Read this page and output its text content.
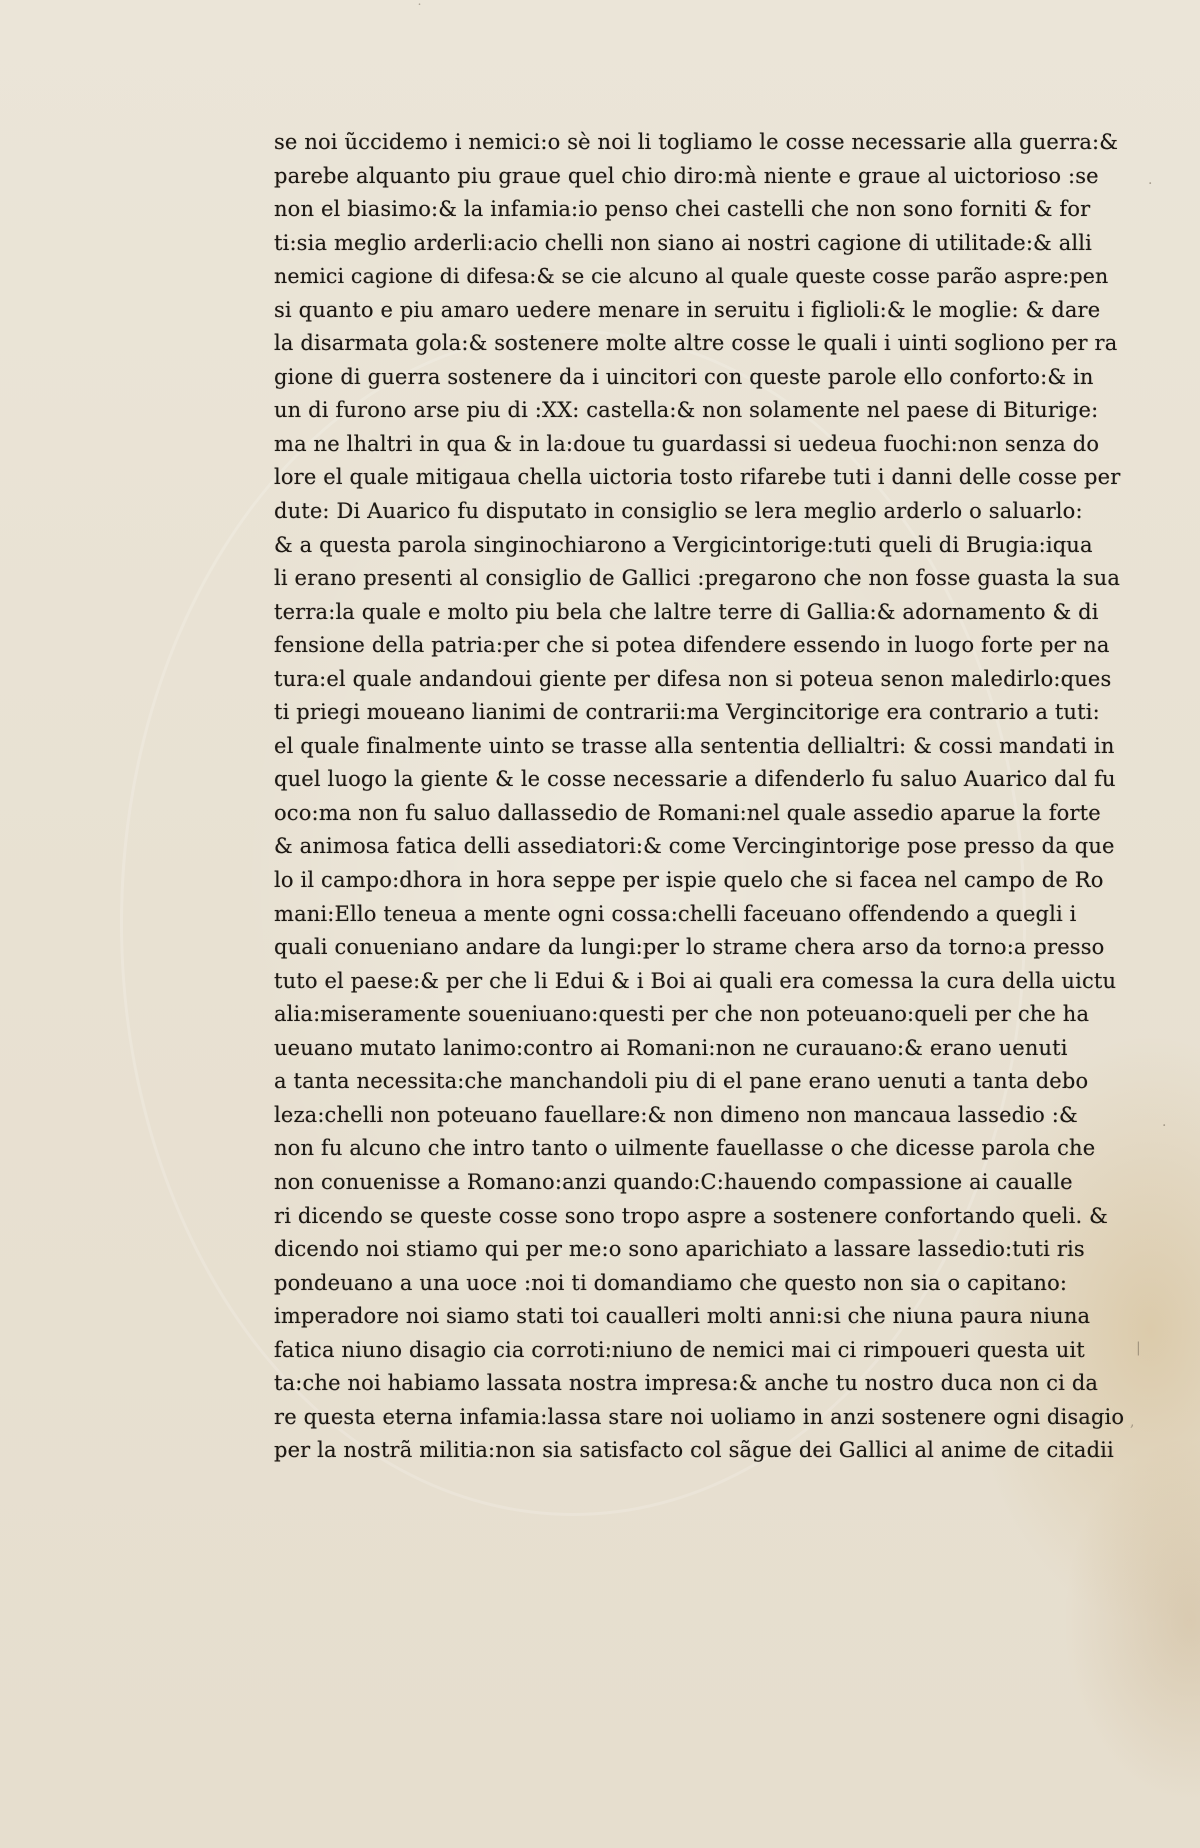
˙
·
·
|
,
se noi ũccidemo i nemici:o sè noi li togliamo le cosse necessarie alla guerra:&
parebe alquanto piu graue quel chio diro:mà niente e graue al uictorioso :se
non el biasimo:& la infamia:io penso chei castelli che non sono forniti & for
ti:sia meglio arderli:acio chelli non siano ai nostri cagione di utilitade:& alli
nemici cagione di difesa:& se cie alcuno al quale queste cosse parão aspre:pen
si quanto e piu amaro uedere menare in seruitu i figlioli:& le moglie: & dare
la disarmata gola:& sostenere molte altre cosse le quali i uinti sogliono per ra
gione di guerra sostenere da i uincitori con queste parole ello conforto:& in
un di furono arse piu di :XX: castella:& non solamente nel paese di Biturige:
ma ne lhaltri in qua & in la:doue tu guardassi si uedeua fuochi:non senza do
lore el quale mitigaua chella uictoria tosto rifarebe tuti i danni delle cosse per
dute: Di Auarico fu disputato in consiglio se lera meglio arderlo o saluarlo:
& a questa parola singinochiarono a Vergicintorige:tuti queli di Brugia:iqua
li erano presenti al consiglio de Gallici :pregarono che non fosse guasta la sua
terra:la quale e molto piu bela che laltre terre di Gallia:& adornamento & di
fensione della patria:per che si potea difendere essendo in luogo forte per na
tura:el quale andandoui giente per difesa non si poteua senon maledirlo:ques
ti priegi moueano lianimi de contrarii:ma Vergincitorige era contrario a tuti:
el quale finalmente uinto se trasse alla sententia dellialtri: & cossi mandati in
quel luogo la giente & le cosse necessarie a difenderlo fu saluo Auarico dal fu
oco:ma non fu saluo dallassedio de Romani:nel quale assedio aparue la forte
& animosa fatica delli assediatori:& come Vercingintorige pose presso da que
lo il campo:dhora in hora seppe per ispie quelo che si facea nel campo de Ro
mani:Ello teneua a mente ogni cossa:chelli faceuano offendendo a quegli i
quali conueniano andare da lungi:per lo strame chera arso da torno:a presso
tuto el paese:& per che li Edui & i Boi ai quali era comessa la cura della uictu
alia:miseramente soueniuano:questi per che non poteuano:queli per che ha
ueuano mutato lanimo:contro ai Romani:non ne curauano:& erano uenuti
a tanta necessita:che manchandoli piu di el pane erano uenuti a tanta debo
leza:chelli non poteuano fauellare:& non dimeno non mancaua lassedio :&
non fu alcuno che intro tanto o uilmente fauellasse o che dicesse parola che
non conuenisse a Romano:anzi quando:C:hauendo compassione ai caualle
ri dicendo se queste cosse sono tropo aspre a sostenere confortando queli. &
dicendo noi stiamo qui per me:o sono aparichiato a lassare lassedio:tuti ris
pondeuano a una uoce :noi ti domandiamo che questo non sia o capitano:
imperadore noi siamo stati toi caualleri molti anni:si che niuna paura niuna
fatica niuno disagio cia corroti:niuno de nemici mai ci rimpoueri questa uit
ta:che noi habiamo lassata nostra impresa:& anche tu nostro duca non ci da
re questa eterna infamia:lassa stare noi uoliamo in anzi sostenere ogni disagio
per la nostrã militia:non sia satisfacto col sãgue dei Gallici al anime de citadii
